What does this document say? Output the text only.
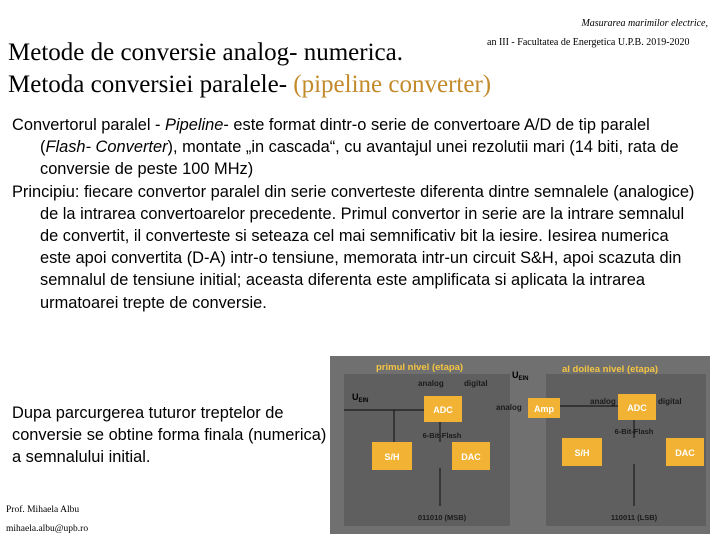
Masurarea marimilor electrice,
an III - Facultatea de Energetica U.P.B. 2019-2020
Metode de conversie analog- numerica.
Metoda conversiei paralele- (pipeline converter)

Convertorul paralel - Pipeline- este format dintr-o serie de convertoare A/D de tip paralel (Flash- Converter), montate „in cascada“, cu avantajul unei rezolutii mari (14 biti, rata de conversie de peste 100 MHz)

Principiu: fiecare convertor paralel din serie converteste diferenta dintre semnalele (analogice) de la intrarea convertoarelor precedente. Primul convertor in serie are la intrare semnalul de convertit, il converteste si seteaza cel mai semnificativ bit la iesire. Iesirea numerica este apoi convertita (D-A) intr-o tensiune, memorata intr-un circuit S&H, apoi scazuta din semnalul de tensiune initial; aceasta diferenta este amplificata si aplicata la intrarea urmatoarei trepte de conversie.

Dupa parcurgerea tuturor treptelor de conversie se obtine forma finala (numerica) a semnalului initial.
Prof. Mihaela Albu
mihaela.albu@upb.ro
primul nivel (etapa)	al doilea nivel (etapa)
$U_{EIN}$
$U_{EIN}$
analog	digital
analog	digital
analog
ADC
S/H	DAC
6-Bit-Flash
Amp	ADC
S/H	DAC
6-Bit-Flash
011010 (MSB)	110011 (LSB)
